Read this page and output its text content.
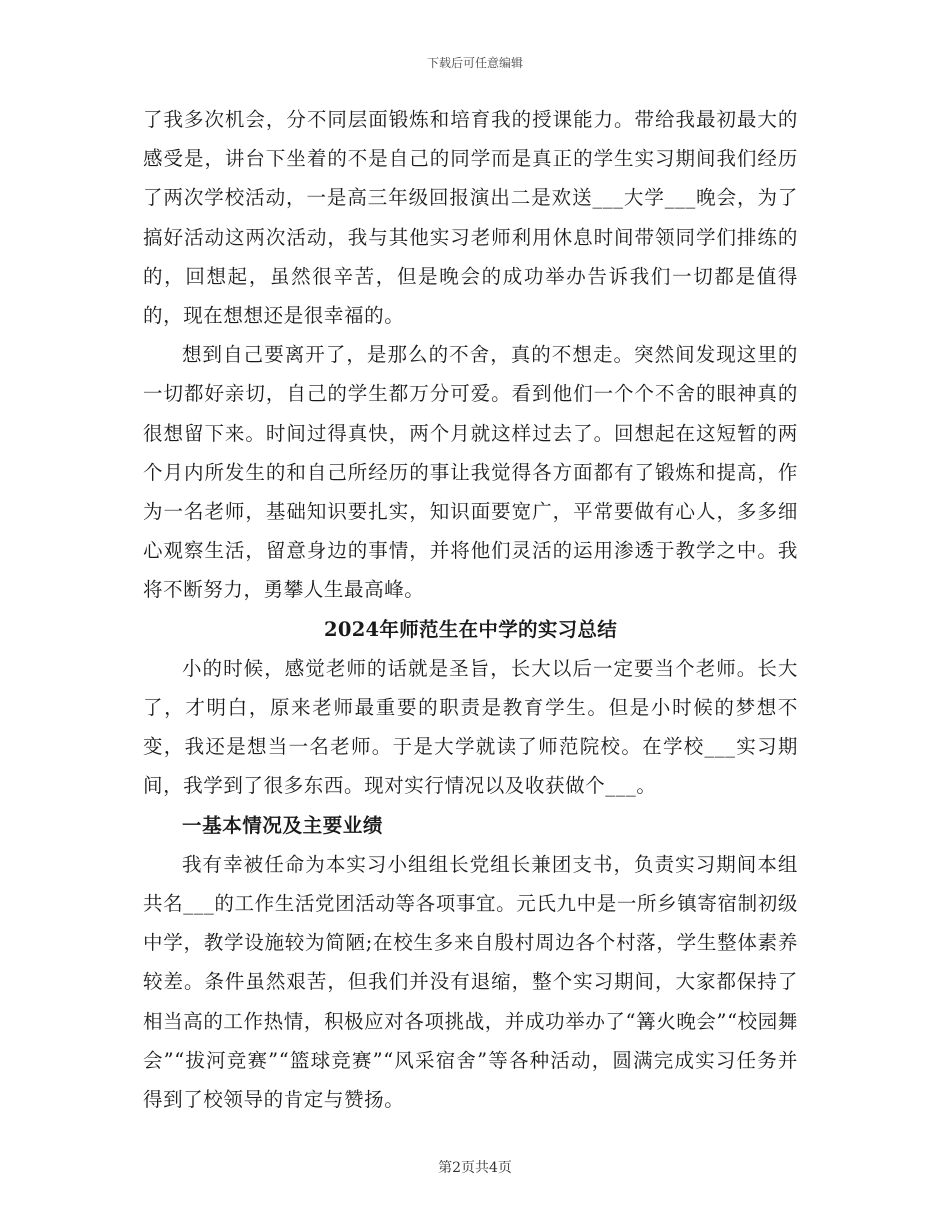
下载后可任意编辑

了我多次机会，分不同层面锻炼和培育我的授课能力。带给我最初最大的感受是，讲台下坐着的不是自己的同学而是真正的学生实习期间我们经历了两次学校活动，一是高三年级回报演出二是欢送___大学___晚会，为了搞好活动这两次活动，我与其他实习老师利用休息时间带领同学们排练的的，回想起，虽然很辛苦，但是晚会的成功举办告诉我们一切都是值得的，现在想想还是很幸福的。

想到自己要离开了，是那么的不舍，真的不想走。突然间发现这里的一切都好亲切，自己的学生都万分可爱。看到他们一个个不舍的眼神真的很想留下来。时间过得真快，两个月就这样过去了。回想起在这短暂的两个月内所发生的和自己所经历的事让我觉得各方面都有了锻炼和提高，作为一名老师，基础知识要扎实，知识面要宽广，平常要做有心人，多多细心观察生活，留意身边的事情，并将他们灵活的运用渗透于教学之中。我将不断努力，勇攀人生最高峰。

2024年师范生在中学的实习总结

小的时候，感觉老师的话就是圣旨，长大以后一定要当个老师。长大了，才明白，原来老师最重要的职责是教育学生。但是小时候的梦想不变，我还是想当一名老师。于是大学就读了师范院校。在学校___实习期间，我学到了很多东西。现对实行情况以及收获做个___。

一基本情况及主要业绩

我有幸被任命为本实习小组组长党组长兼团支书，负责实习期间本组共名___的工作生活党团活动等各项事宜。元氏九中是一所乡镇寄宿制初级中学，教学设施较为简陋;在校生多来自殷村周边各个村落，学生整体素养较差。条件虽然艰苦，但我们并没有退缩，整个实习期间，大家都保持了相当高的工作热情，积极应对各项挑战，并成功举办了“篝火晚会”“校园舞会”“拔河竞赛”“篮球竞赛”“风采宿舍”等各种活动，圆满完成实习任务并得到了校领导的肯定与赞扬。

第2页共4页
